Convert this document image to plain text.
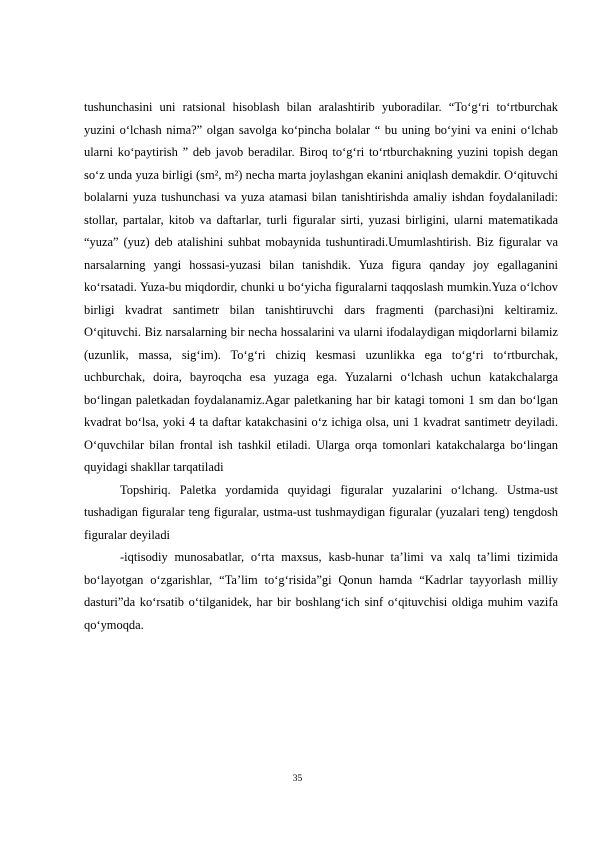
tushunchasini uni ratsional hisoblash bilan aralashtirib yuboradilar. “To‘g‘ri to‘rtburchak yuzini o‘lchash nima?” olgan savolga ko‘pincha bolalar “ bu uning bo‘yini va enini o‘lchab ularni ko‘paytirish ” deb javob beradilar. Biroq to‘g‘ri to‘rtburchakning yuzini topish degan so‘z unda yuza birligi (sm², m²) necha marta joylashgan ekanini aniqlash demakdir. O‘qituvchi bolalarni yuza tushunchasi va yuza atamasi bilan tanishtirishda amaliy ishdan foydalaniladi: stollar, partalar, kitob va daftarlar, turli figuralar sirti, yuzasi birligini, ularni matematikada “yuza” (yuz) deb atalishini suhbat mobaynida tushuntiradi.Umumlashtirish. Biz figuralar va narsalarning yangi hossasi-yuzasi bilan tanishdik. Yuza figura qanday joy egallaganini ko‘rsatadi. Yuza-bu miqdordir, chunki u bo‘yicha figuralarni taqqoslash mumkin.Yuza o‘lchov birligi kvadrat santimetr bilan tanishtiruvchi dars fragmenti (parchasi)ni keltiramiz. O‘qituvchi. Biz narsalarning bir necha hossalarini va ularni ifodalaydigan miqdorlarni bilamiz (uzunlik, massa, sig‘im). To‘g‘ri chiziq kesmasi uzunlikka ega to‘g‘ri to‘rtburchak, uchburchak, doira, bayroqcha esa yuzaga ega. Yuzalarni o‘lchash uchun katakchalarga bo‘lingan paletkadan foydalanamiz.Agar paletkaning har bir katagi tomoni 1 sm dan bo‘lgan kvadrat bo‘lsa, yoki 4 ta daftar katakchasini o‘z ichiga olsa, uni 1 kvadrat santimetr deyiladi. O‘quvchilar bilan frontal ish tashkil etiladi. Ularga orqa tomonlari katakchalarga bo‘lingan quyidagi shakllar tarqatiladi

Topshiriq. Paletka yordamida quyidagi figuralar yuzalarini o‘lchang. Ustma-ust tushadigan figuralar teng figuralar, ustma-ust tushmaydigan figuralar (yuzalari teng) tengdosh figuralar deyiladi

-iqtisodiy munosabatlar, o‘rta maxsus, kasb-hunar ta’limi va xalq ta’limi tizimida bo‘layotgan o‘zgarishlar, “Ta’lim to‘g‘risida”gi Qonun hamda “Kadrlar tayyorlash milliy dasturi”da ko‘rsatib o‘tilganidek, har bir boshlang‘ich sinf o‘qituvchisi oldiga muhim vazifa qo‘ymoqda.

35
